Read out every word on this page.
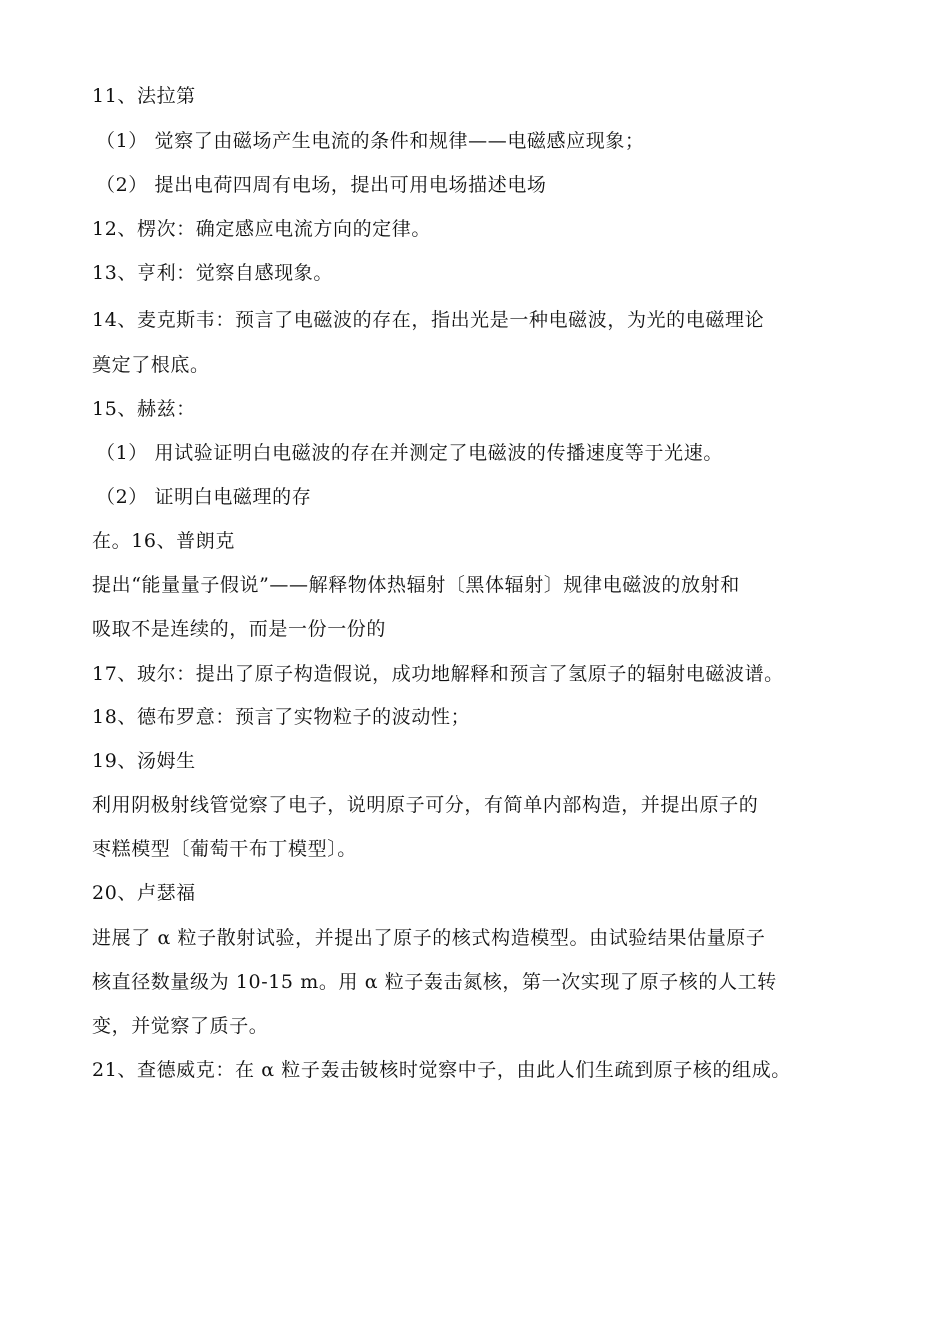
11、法拉第
（1） 觉察了由磁场产生电流的条件和规律——电磁感应现象；
（2） 提出电荷四周有电场，提出可用电场描述电场
12、楞次：确定感应电流方向的定律。
13、亨利：觉察自感现象。
14、麦克斯韦：预言了电磁波的存在，指出光是一种电磁波，为光的电磁理论
奠定了根底。
15、赫兹：
（1） 用试验证明白电磁波的存在并测定了电磁波的传播速度等于光速。
（2） 证明白电磁理的存
在。16、普朗克
提出“能量量子假说”——解释物体热辐射〔黑体辐射〕规律电磁波的放射和
吸取不是连续的，而是一份一份的
17、玻尔：提出了原子构造假说，成功地解释和预言了氢原子的辐射电磁波谱。
18、德布罗意：预言了实物粒子的波动性；
19、汤姆生
利用阴极射线管觉察了电子，说明原子可分，有简单内部构造，并提出原子的
枣糕模型〔葡萄干布丁模型〕。
20、卢瑟福
进展了 α 粒子散射试验，并提出了原子的核式构造模型。由试验结果估量原子
核直径数量级为 10-15 m。用 α 粒子轰击氮核，第一次实现了原子核的人工转
变，并觉察了质子。
21、查德威克：在 α 粒子轰击铍核时觉察中子，由此人们生疏到原子核的组成。
